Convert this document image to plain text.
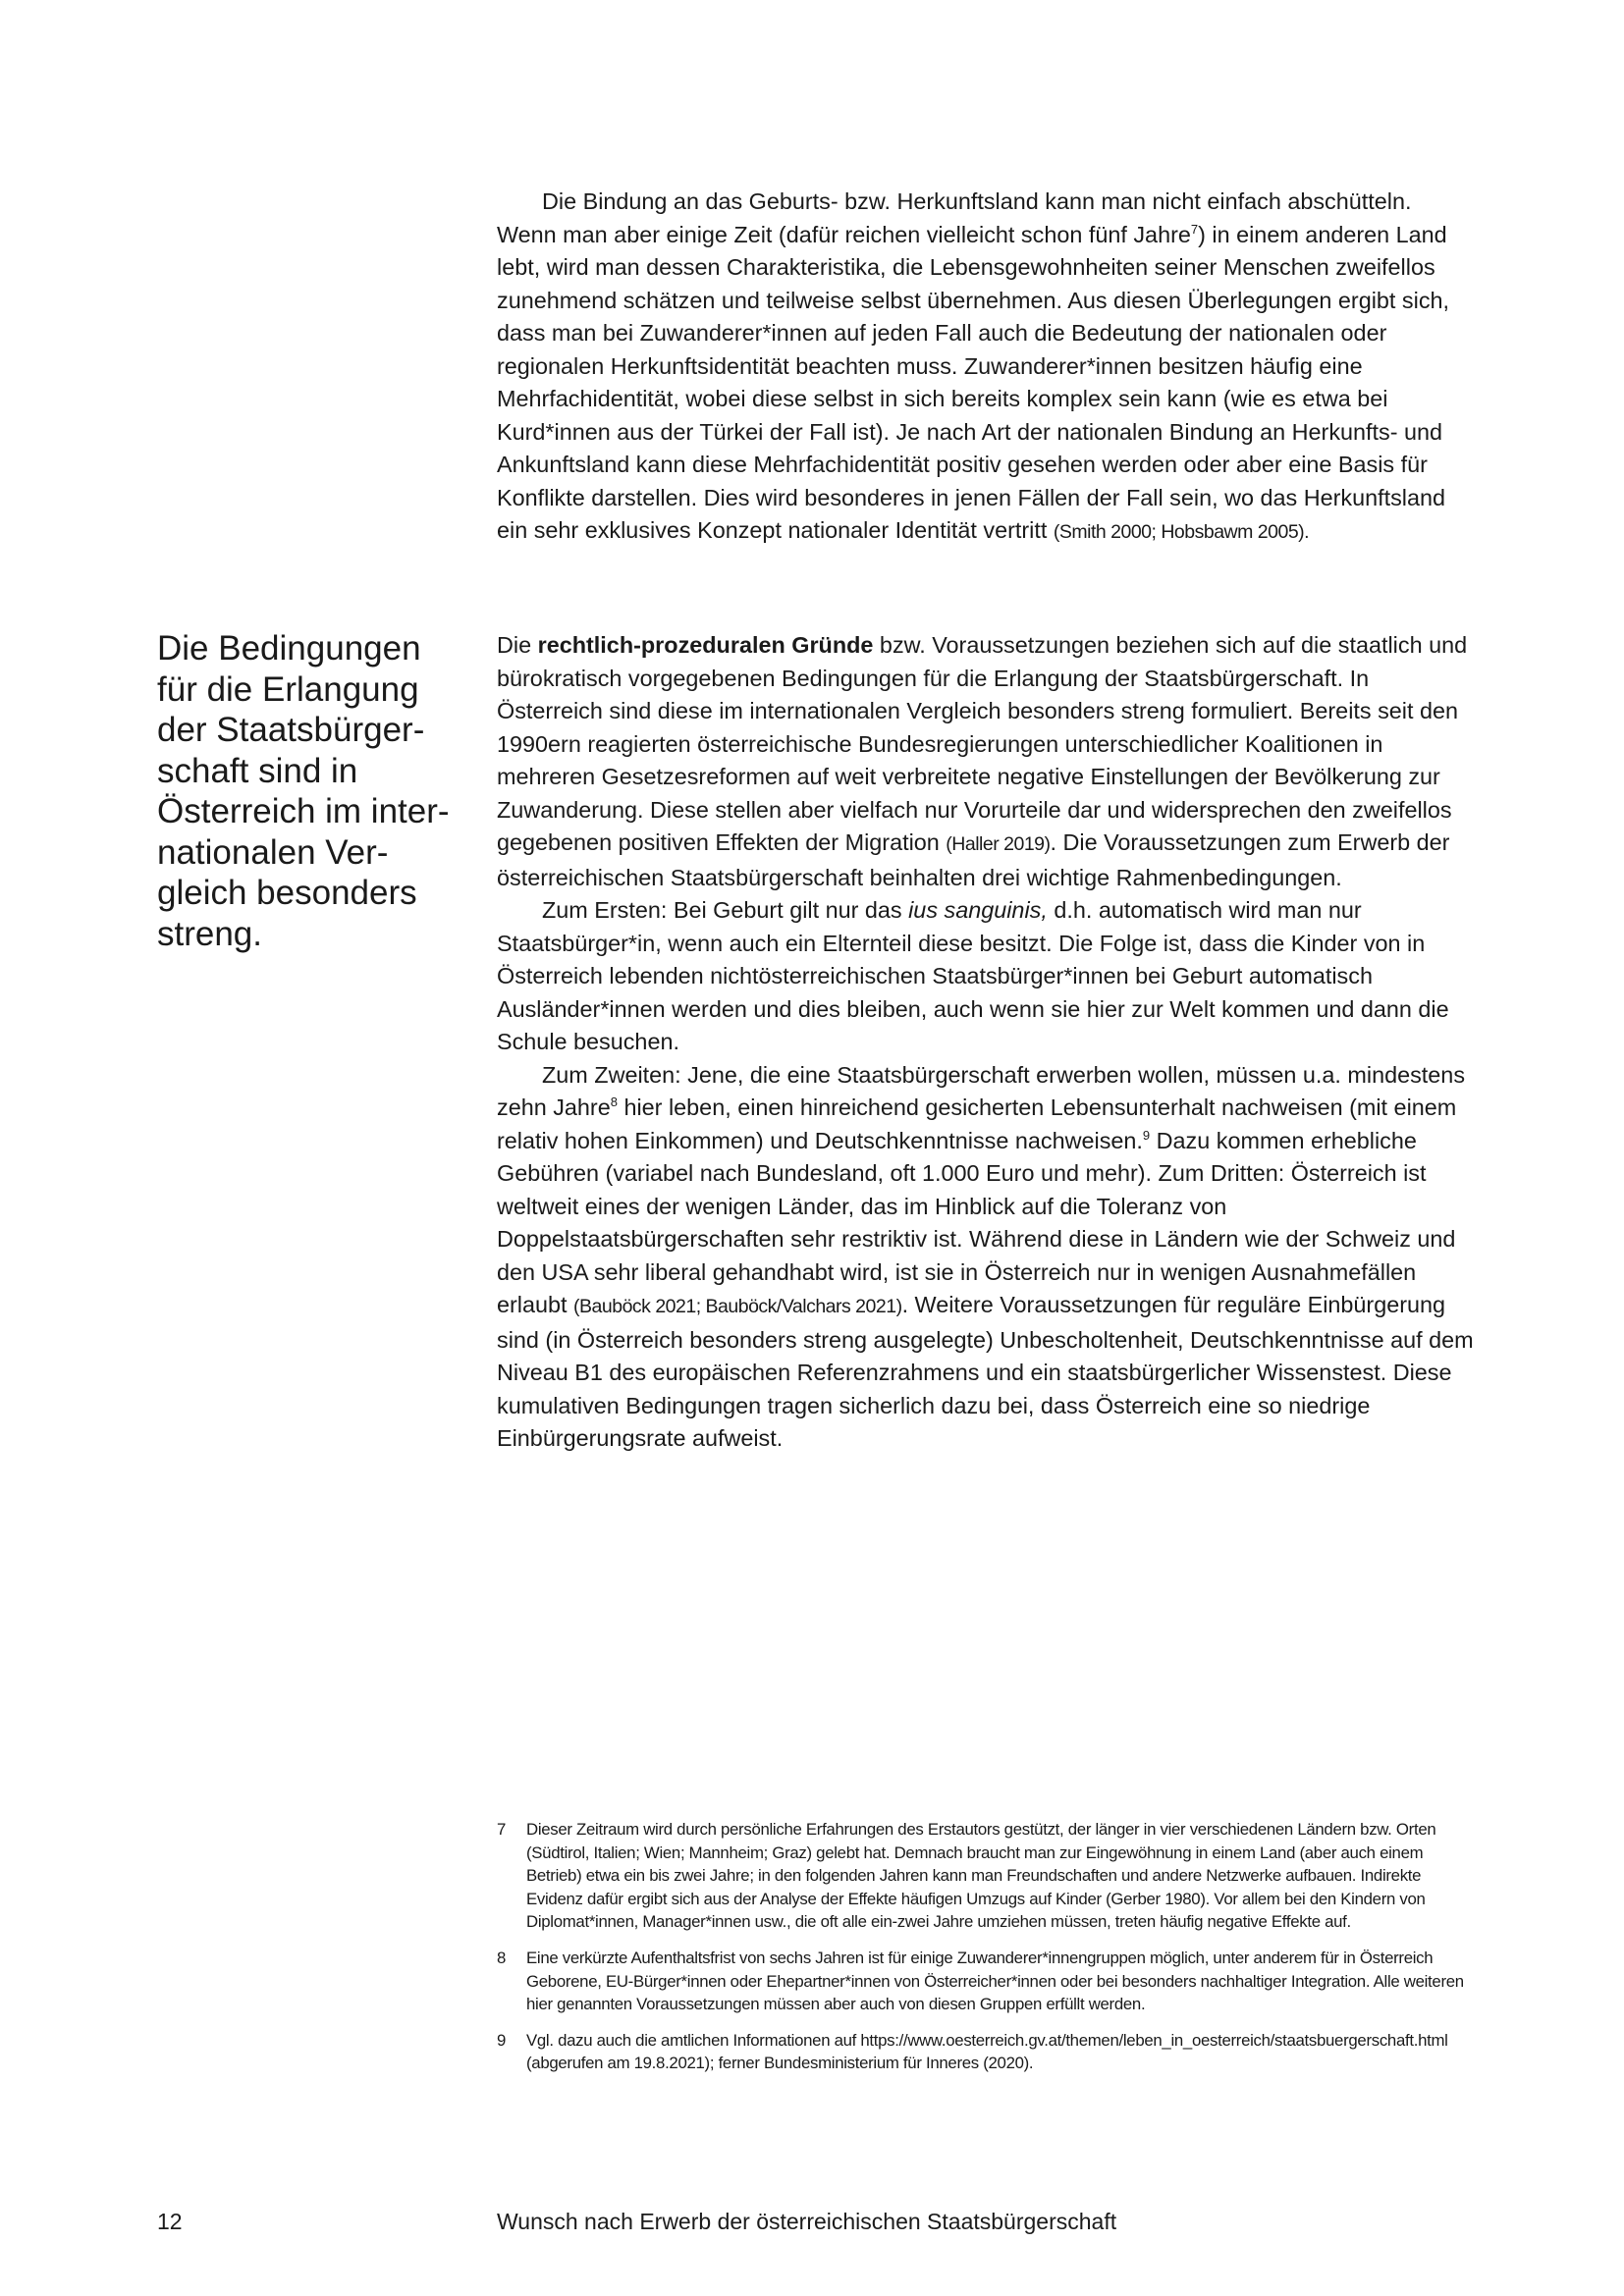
Die Bindung an das Geburts- bzw. Herkunftsland kann man nicht einfach abschütteln. Wenn man aber einige Zeit (dafür reichen vielleicht schon fünf Jahre$^7$) in einem anderen Land lebt, wird man dessen Charakteristika, die Lebensgewohnheiten seiner Menschen zweifellos zunehmend schätzen und teilweise selbst übernehmen. Aus diesen Überlegungen ergibt sich, dass man bei Zuwanderer*innen auf jeden Fall auch die Bedeutung der nationalen oder regionalen Herkunftsidentität beachten muss. Zuwanderer*innen besitzen häufig eine Mehrfachidentität, wobei diese selbst in sich bereits komplex sein kann (wie es etwa bei Kurd*innen aus der Türkei der Fall ist). Je nach Art der nationalen Bindung an Herkunfts- und Ankunftsland kann diese Mehrfachidentität positiv gesehen werden oder aber eine Basis für Konflikte darstellen. Dies wird besonderes in jenen Fällen der Fall sein, wo das Herkunftsland ein sehr exklusives Konzept nationaler Identität vertritt (Smith 2000; Hobsbawm 2005).

Die Bedingungen für die Erlangung der Staatsbürgerschaft sind in Österreich im internationalen Vergleich besonders streng.

Die rechtlich-prozeduralen Gründe bzw. Voraussetzungen beziehen sich auf die staatlich und bürokratisch vorgegebenen Bedingungen für die Erlangung der Staatsbürgerschaft. In Österreich sind diese im internationalen Vergleich besonders streng formuliert. Bereits seit den 1990ern reagierten österreichische Bundesregierungen unterschiedlicher Koalitionen in mehreren Gesetzesreformen auf weit verbreitete negative Einstellungen der Bevölkerung zur Zuwanderung. Diese stellen aber vielfach nur Vorurteile dar und widersprechen den zweifellos gegebenen positiven Effekten der Migration (Haller 2019). Die Voraussetzungen zum Erwerb der österreichischen Staatsbürgerschaft beinhalten drei wichtige Rahmenbedingungen.

Zum Ersten: Bei Geburt gilt nur das ius sanguinis, d.h. automatisch wird man nur Staatsbürger*in, wenn auch ein Elternteil diese besitzt. Die Folge ist, dass die Kinder von in Österreich lebenden nichtösterreichischen Staatsbürger*innen bei Geburt automatisch Ausländer*innen werden und dies bleiben, auch wenn sie hier zur Welt kommen und dann die Schule besuchen.

Zum Zweiten: Jene, die eine Staatsbürgerschaft erwerben wollen, müssen u.a. mindestens zehn Jahre$^8$ hier leben, einen hinreichend gesicherten Lebensunterhalt nachweisen (mit einem relativ hohen Einkommen) und Deutschkenntnisse nachweisen.$^9$ Dazu kommen erhebliche Gebühren (variabel nach Bundesland, oft 1.000 Euro und mehr). Zum Dritten: Österreich ist weltweit eines der wenigen Länder, das im Hinblick auf die Toleranz von Doppelstaatsbürgerschaften sehr restriktiv ist. Während diese in Ländern wie der Schweiz und den USA sehr liberal gehandhabt wird, ist sie in Österreich nur in wenigen Ausnahmefällen erlaubt (Bauböck 2021; Bauböck/Valchars 2021). Weitere Voraussetzungen für reguläre Einbürgerung sind (in Österreich besonders streng ausgelegte) Unbescholtenheit, Deutschkenntnisse auf dem Niveau B1 des europäischen Referenzrahmens und ein staatsbürgerlicher Wissenstest. Diese kumulativen Bedingungen tragen sicherlich dazu bei, dass Österreich eine so niedrige Einbürgerungsrate aufweist.

7	Dieser Zeitraum wird durch persönliche Erfahrungen des Erstautors gestützt, der länger in vier verschiedenen Ländern bzw. Orten (Südtirol, Italien; Wien; Mannheim; Graz) gelebt hat. Demnach braucht man zur Eingewöhnung in einem Land (aber auch einem Betrieb) etwa ein bis zwei Jahre; in den folgenden Jahren kann man Freundschaften und andere Netzwerke aufbauen. Indirekte Evidenz dafür ergibt sich aus der Analyse der Effekte häufigen Umzugs auf Kinder (Gerber 1980). Vor allem bei den Kindern von Diplomat*innen, Manager*innen usw., die oft alle ein-zwei Jahre umziehen müssen, treten häufig negative Effekte auf.
8	Eine verkürzte Aufenthaltsfrist von sechs Jahren ist für einige Zuwanderer*innengruppen möglich, unter anderem für in Österreich Geborene, EU-Bürger*innen oder Ehepartner*innen von Österreicher*innen oder bei besonders nachhaltiger Integration. Alle weiteren hier genannten Voraussetzungen müssen aber auch von diesen Gruppen erfüllt werden.
9	Vgl. dazu auch die amtlichen Informationen auf https://www.oesterreich.gv.at/themen/leben_in_oesterreich/staatsbuergerschaft.html (abgerufen am 19.8.2021); ferner Bundesministerium für Inneres (2020).
12	Wunsch nach Erwerb der österreichischen Staatsbürgerschaft
